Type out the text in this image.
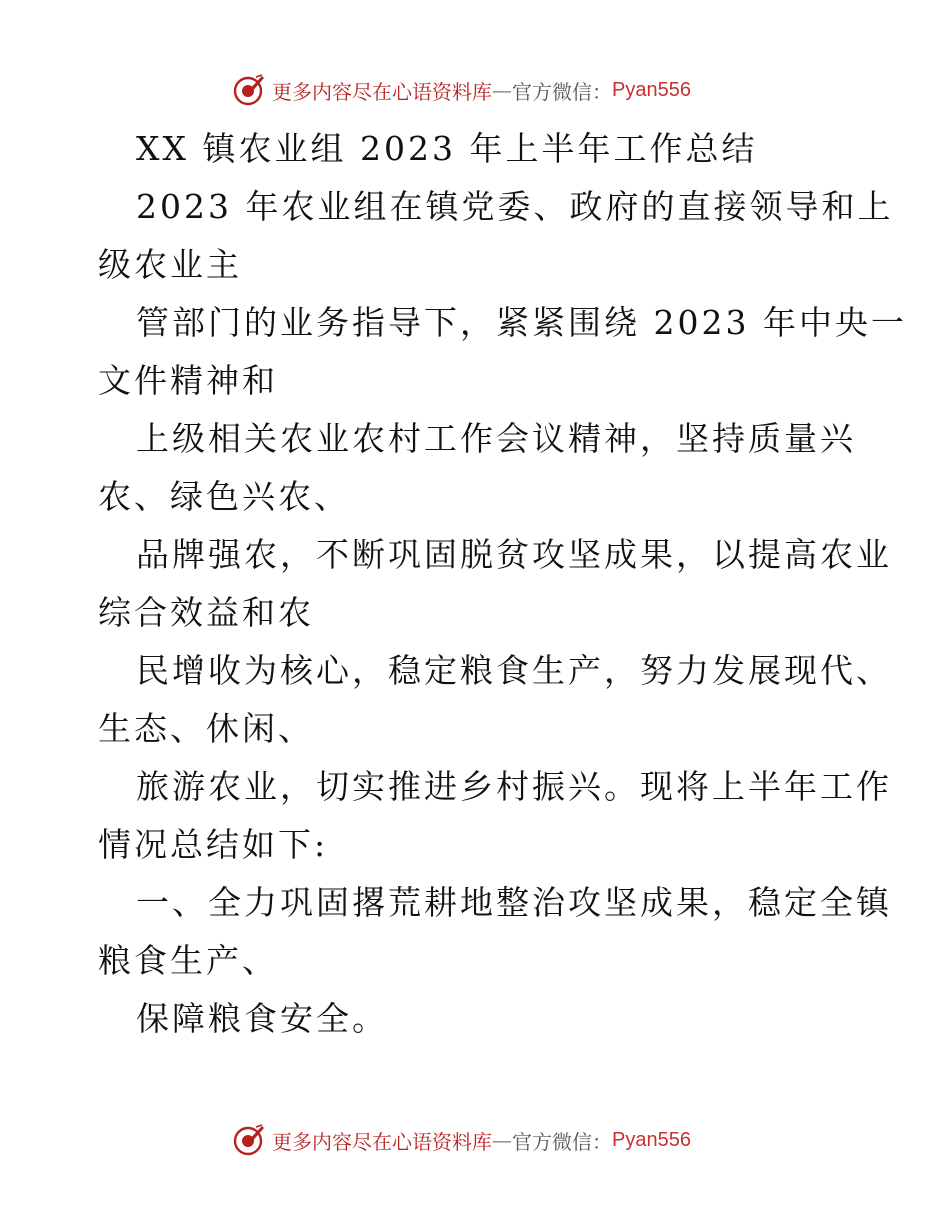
更多内容尽在心语资料库 — 官方微信： Pyan556
XX 镇农业组 2023 年上半年工作总结
2023 年农业组在镇党委、政府的直接领导和上
级农业主
管部门的业务指导下，紧紧围绕 2023 年中央一
文件精神和
上级相关农业农村工作会议精神，坚持质量兴
农、绿色兴农、
品牌强农，不断巩固脱贫攻坚成果，以提高农业
综合效益和农
民增收为核心，稳定粮食生产，努力发展现代、
生态、休闲、
旅游农业，切实推进乡村振兴。现将上半年工作
情况总结如下:
一、全力巩固撂荒耕地整治攻坚成果，稳定全镇
粮食生产、
保障粮食安全。
更多内容尽在心语资料库 — 官方微信： Pyan556
